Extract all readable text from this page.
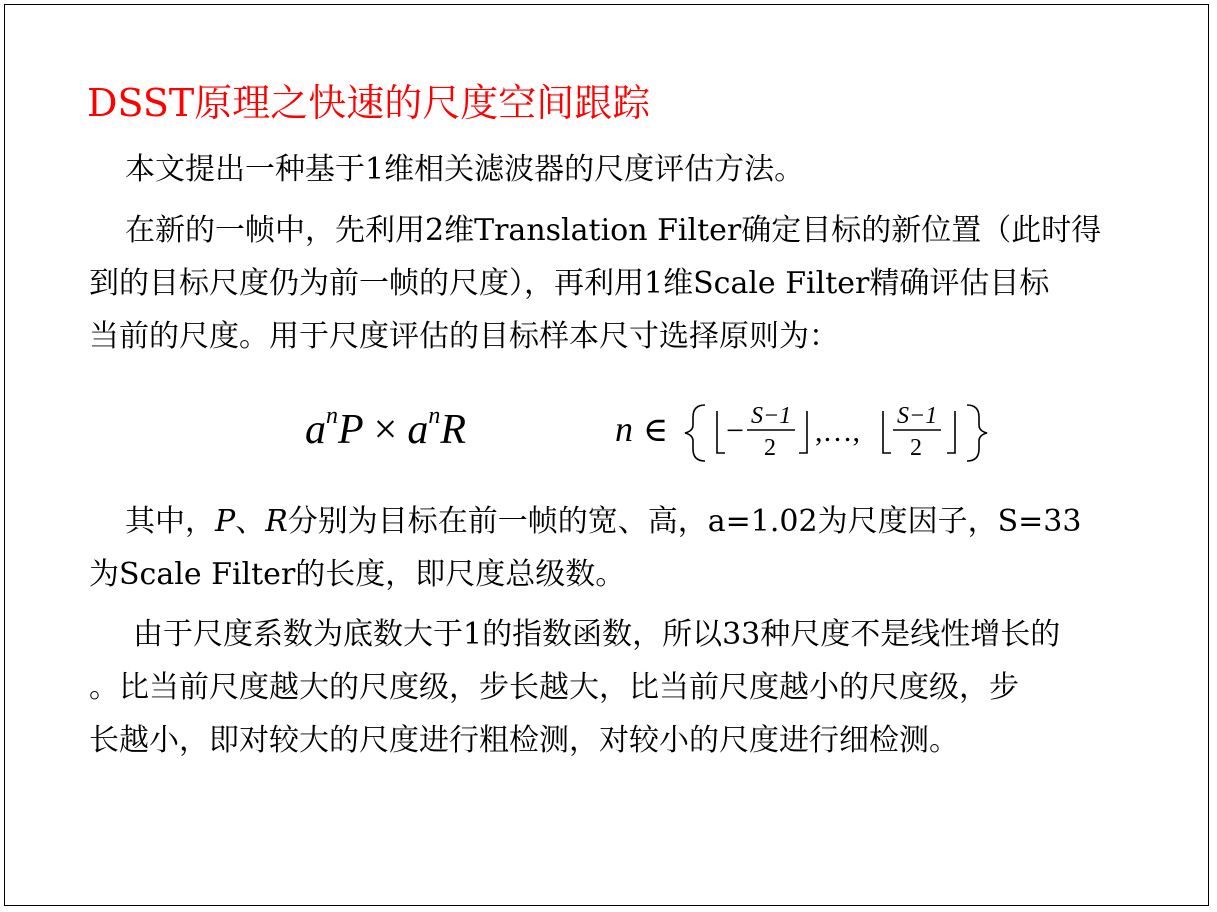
DSST原理之快速的尺度空间跟踪
本文提出一种基于1维相关滤波器的尺度评估方法。
在新的一帧中，先利用2维Translation Filter确定目标的新位置（此时得
到的目标尺度仍为前一帧的尺度），再利用1维Scale Filter精确评估目标
当前的尺度。用于尺度评估的目标样本尺寸选择原则为：
$a^nP \times a^nR$	n ∈ − S−1
2 ,…, S−1
2
其中，P、R分别为目标在前一帧的宽、高，a=1.02为尺度因子，S=33
为Scale Filter的长度，即尺度总级数。
由于尺度系数为底数大于1的指数函数，所以33种尺度不是线性增长的
。比当前尺度越大的尺度级，步长越大，比当前尺度越小的尺度级，步
长越小，即对较大的尺度进行粗检测，对较小的尺度进行细检测。
